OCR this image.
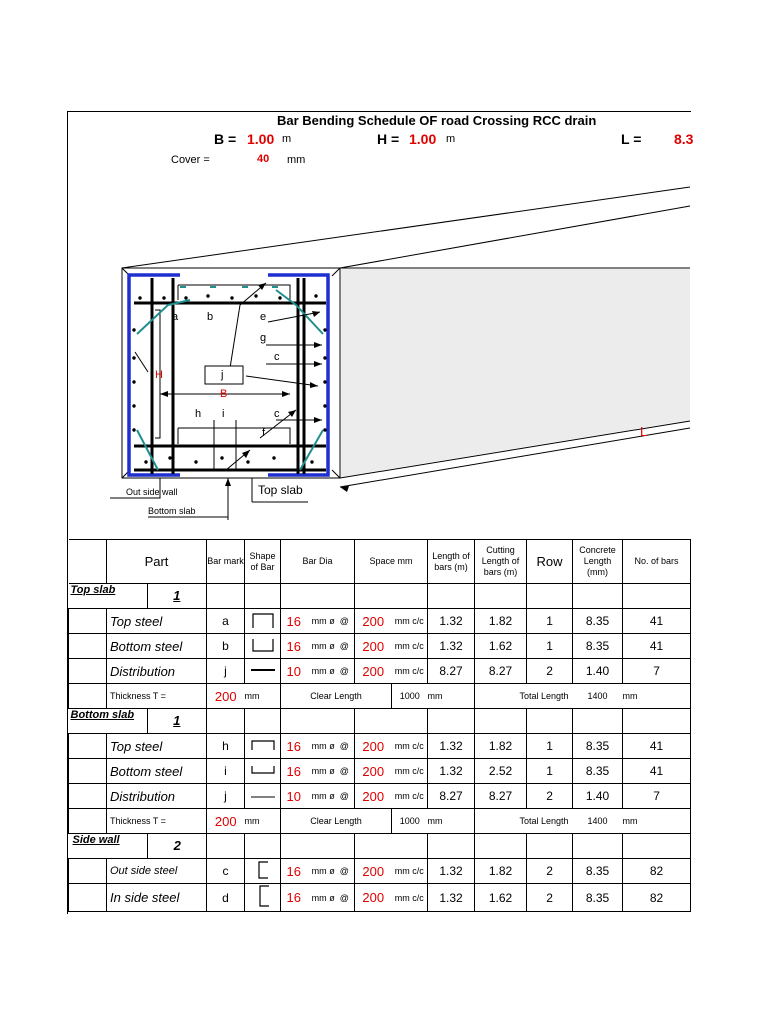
Bar Bending Schedule OF road Crossing RCC drain
B = 1.00 m	H = 1.00 m	L = 8.3
Cover =	40 mm
a	b	e
g
c
j
H
B
h i	c
f	L
Top slab
Out side wall
Bottom slab
	Part	Bar mark	Shape of Bar	Bar Dia		Space mm		Length of bars (m)	Cutting Length of bars (m)	Row	Concrete Length (mm)	No. of bars

Top slab 1												

	Top steel	a		16	mm ø @	200	mm c/c	1.32	1.82	1	8.35	41
	Bottom steel	b		16	mm ø @	200	mm c/c	1.32	1.62	1	8.35	41
	Distribution	j		10	mm ø @	200	mm c/c	8.27	8.27	2	1.40	7
	Thickness T =	200	mm	Clear Length			1000	mm	Total Length		1400	mm

Bottom slab 1												

	Top steel	h		16	mm ø @	200	mm c/c	1.32	1.82	1	8.35	41
	Bottom steel	i		16	mm ø @	200	mm c/c	1.32	2.52	1	8.35	41
	Distribution	j		10	mm ø @	200	mm c/c	8.27	8.27	2	1.40	7
	Thickness T =	200	mm	Clear Length			1000	mm	Total Length		1400	mm

Side wall 2												

	Out side steel	c		16	mm ø @	200	mm c/c	1.32	1.82	2	8.35	82
	In side steel	d		16	mm ø @	200	mm c/c	1.32	1.62	2	8.35	82
